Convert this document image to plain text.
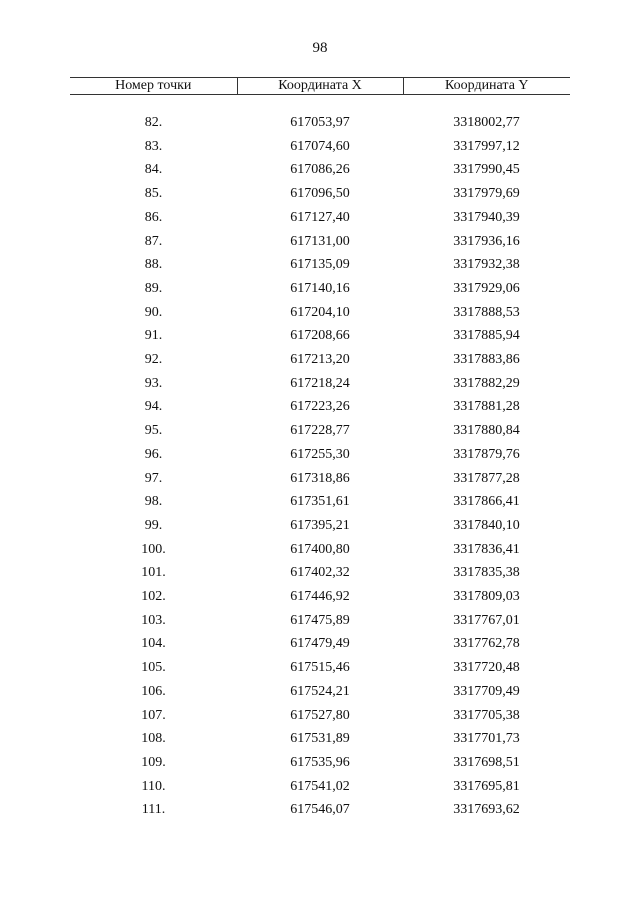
98
Номер точки	Координата X	Координата Y

82.	617053,97	3318002,77
83.	617074,60	3317997,12
84.	617086,26	3317990,45
85.	617096,50	3317979,69
86.	617127,40	3317940,39
87.	617131,00	3317936,16
88.	617135,09	3317932,38
89.	617140,16	3317929,06
90.	617204,10	3317888,53
91.	617208,66	3317885,94
92.	617213,20	3317883,86
93.	617218,24	3317882,29
94.	617223,26	3317881,28
95.	617228,77	3317880,84
96.	617255,30	3317879,76
97.	617318,86	3317877,28
98.	617351,61	3317866,41
99.	617395,21	3317840,10
100.	617400,80	3317836,41
101.	617402,32	3317835,38
102.	617446,92	3317809,03
103.	617475,89	3317767,01
104.	617479,49	3317762,78
105.	617515,46	3317720,48
106.	617524,21	3317709,49
107.	617527,80	3317705,38
108.	617531,89	3317701,73
109.	617535,96	3317698,51
110.	617541,02	3317695,81
111.	617546,07	3317693,62
